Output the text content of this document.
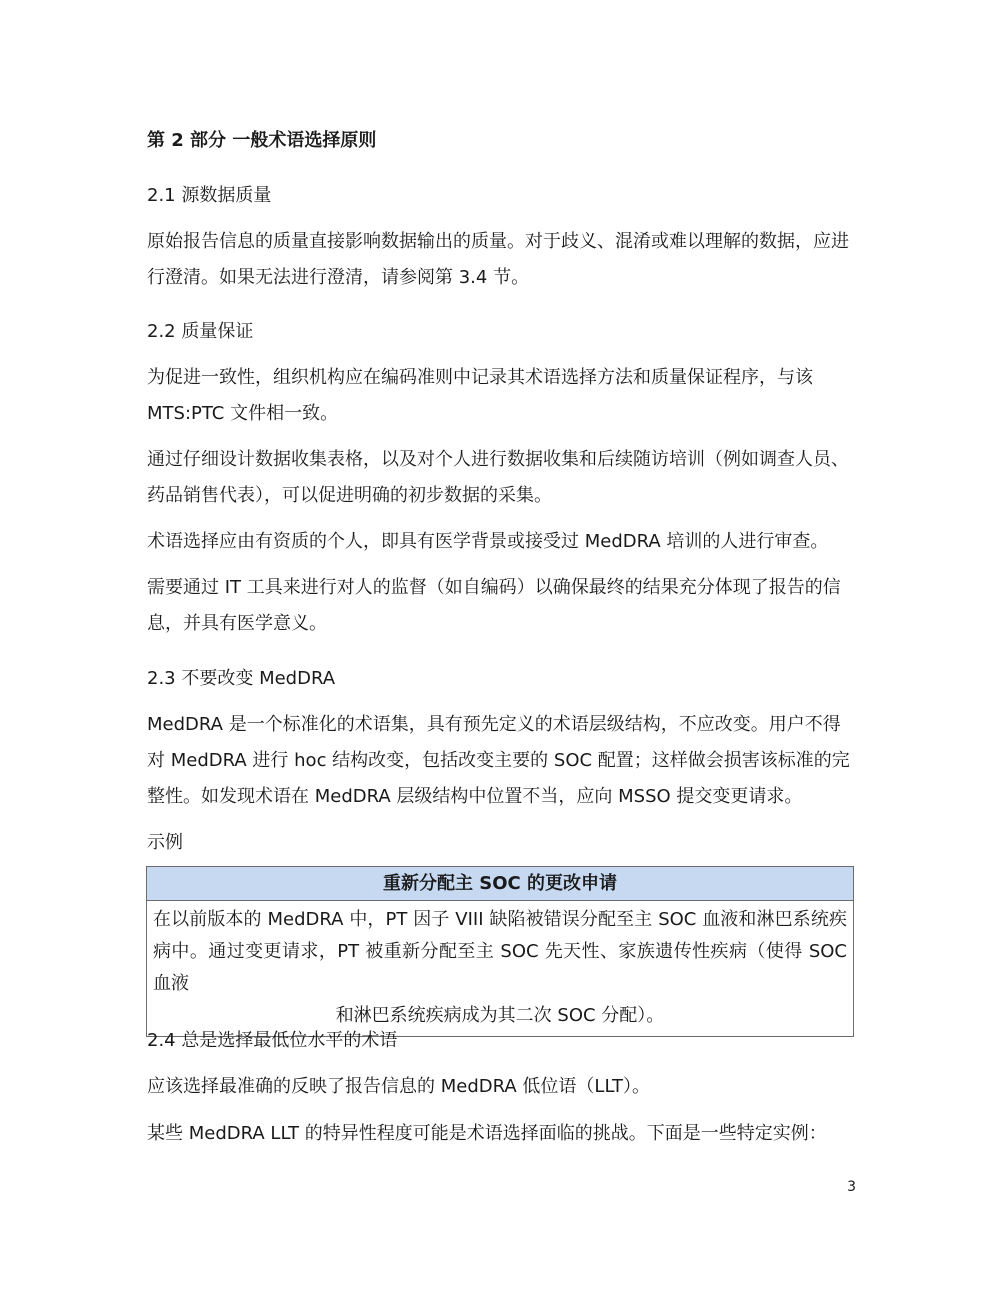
第 2 部分 一般术语选择原则
2.1 源数据质量

原始报告信息的质量直接影响数据输出的质量。对于歧义、混淆或难以理解的数据，应进行澄清。如果无法进行澄清，请参阅第 3.4 节。

2.2 质量保证

为促进一致性，组织机构应在编码准则中记录其术语选择方法和质量保证程序，与该 MTS:PTC 文件相一致。

通过仔细设计数据收集表格，以及对个人进行数据收集和后续随访培训（例如调查人员、药品销售代表），可以促进明确的初步数据的采集。

术语选择应由有资质的个人，即具有医学背景或接受过 MedDRA 培训的人进行审查。

需要通过 IT 工具来进行对人的监督（如自编码）以确保最终的结果充分体现了报告的信息，并具有医学意义。

2.3 不要改变 MedDRA

MedDRA 是一个标准化的术语集，具有预先定义的术语层级结构，不应改变。用户不得对 MedDRA 进行 hoc 结构改变，包括改变主要的 SOC 配置；这样做会损害该标准的完整性。如发现术语在 MedDRA 层级结构中位置不当，应向 MSSO 提交变更请求。

示例
重新分配主 SOC 的更改申请
在以前版本的 MedDRA 中，PT 因子 VIII 缺陷被错误分配至主 SOC 血液和淋巴系统疾病中。通过变更请求，PT 被重新分配至主 SOC 先天性、家族遗传性疾病（使得 SOC 血液
和淋巴系统疾病成为其二次 SOC 分配）。
2.4 总是选择最低位水平的术语

应该选择最准确的反映了报告信息的 MedDRA 低位语（LLT）。

某些 MedDRA LLT 的特异性程度可能是术语选择面临的挑战。下面是一些特定实例：

3
